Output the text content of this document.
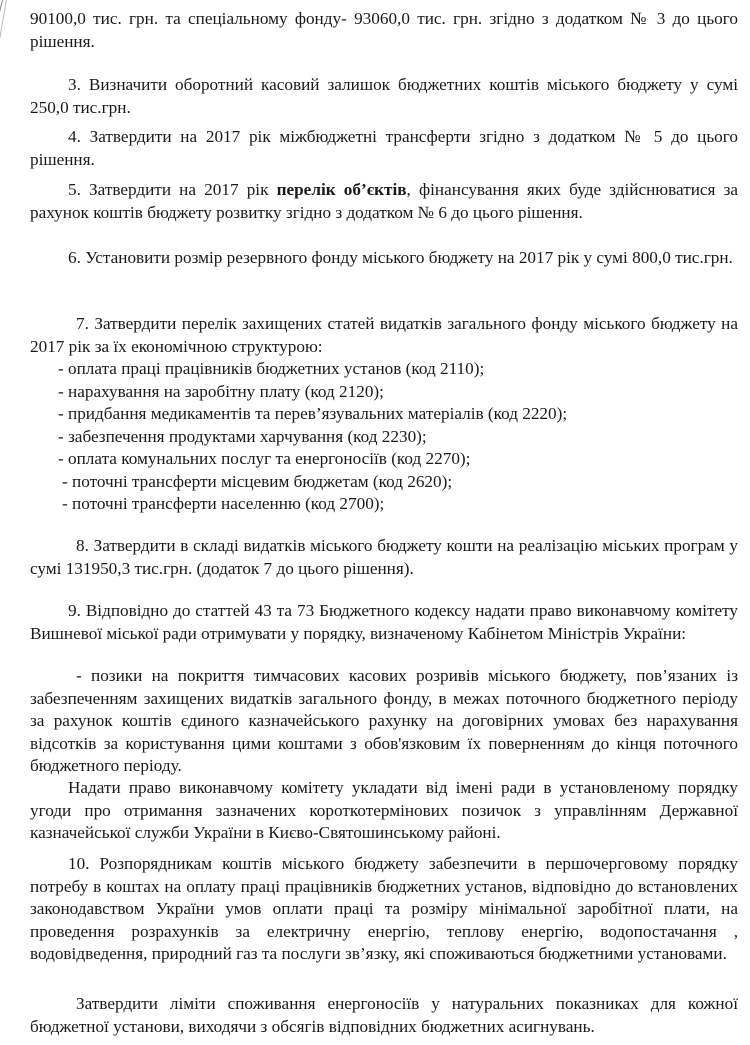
90100,0 тис. грн. та спеціальному фонду- 93060,0 тис. грн. згідно з додатком № 3 до цього рішення.

3. Визначити оборотний касовий залишок бюджетних коштів міського бюджету у сумі 250,0 тис.грн.

4. Затвердити на 2017 рік міжбюджетні трансферти згідно з додатком № 5 до цього рішення.

5. Затвердити на 2017 рік перелік об’єктів, фінансування яких буде здійснюватися за рахунок коштів бюджету розвитку згідно з додатком № 6 до цього рішення.

6. Установити розмір резервного фонду міського бюджету на 2017 рік у сумі 800,0 тис.грн.

7. Затвердити перелік захищених статей видатків загального фонду міського бюджету на 2017 рік за їх економічною структурою:

- оплата праці працівників бюджетних установ (код 2110);
- нарахування на заробітну плату (код 2120);
- придбання медикаментів та перев’язувальних матеріалів (код 2220);
- забезпечення продуктами харчування (код 2230);
- оплата комунальних послуг та енергоносіїв (код 2270);
- поточні трансферти місцевим бюджетам (код 2620);
- поточні трансферти населенню (код 2700);

8. Затвердити в складі видатків міського бюджету кошти на реалізацію міських програм у сумі 131950,3 тис.грн. (додаток 7 до цього рішення).

9. Відповідно до статтей 43 та 73 Бюджетного кодексу надати право виконавчому комітету Вишневої міської ради отримувати у порядку, визначеному Кабінетом Міністрів України:

- позики на покриття тимчасових касових розривів міського бюджету, пов’язаних із забезпеченням захищених видатків загального фонду, в межах поточного бюджетного періоду за рахунок коштів єдиного казначейського рахунку на договірних умовах без нарахування відсотків за користування цими коштами з обов'язковим їх поверненням до кінця поточного бюджетного періоду.

Надати право виконавчому комітету укладати від імені ради в установленому порядку угоди про отримання зазначених короткотермінових позичок з управлінням Державної казначейської служби України в Києво-Святошинському районі.

10. Розпорядникам коштів міського бюджету забезпечити в першочерговому порядку потребу в коштах на оплату праці працівників бюджетних установ, відповідно до встановлених законодавством України умов оплати праці та розміру мінімальної заробітної плати, на проведення розрахунків за електричну енергію, теплову енергію, водопостачання , водовідведення, природний газ та послуги зв’язку, які споживаються бюджетними установами.

Затвердити ліміти споживання енергоносіїв у натуральних показниках для кожної бюджетної установи, виходячи з обсягів відповідних бюджетних асигнувань.
